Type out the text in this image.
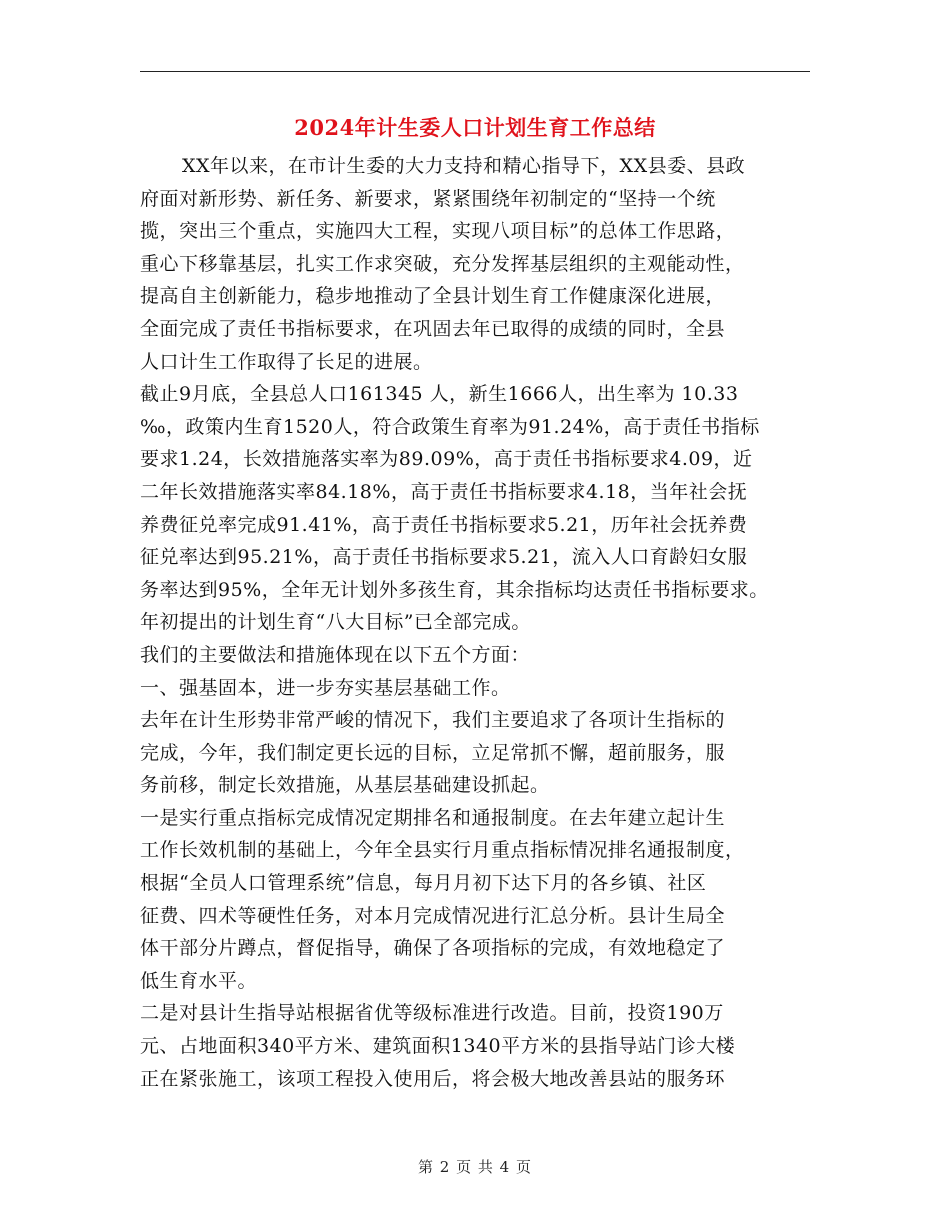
2024年计生委人口计划生育工作总结
XX年以来，在市计生委的大力支持和精心指导下，XX县委、县政
府面对新形势、新任务、新要求，紧紧围绕年初制定的“坚持一个统
揽，突出三个重点，实施四大工程，实现八项目标”的总体工作思路，
重心下移靠基层，扎实工作求突破，充分发挥基层组织的主观能动性，
提高自主创新能力，稳步地推动了全县计划生育工作健康深化进展，
全面完成了责任书指标要求，在巩固去年已取得的成绩的同时，全县
人口计生工作取得了长足的进展。
截止9月底，全县总人口161345 人，新生1666人，出生率为 10.33
‰，政策内生育1520人，符合政策生育率为91.24%，高于责任书指标
要求1.24，长效措施落实率为89.09%，高于责任书指标要求4.09，近
二年长效措施落实率84.18%，高于责任书指标要求4.18，当年社会抚
养费征兑率完成91.41%，高于责任书指标要求5.21，历年社会抚养费
征兑率达到95.21%，高于责任书指标要求5.21，流入人口育龄妇女服
务率达到95%，全年无计划外多孩生育，其余指标均达责任书指标要求。
年初提出的计划生育“八大目标”已全部完成。
我们的主要做法和措施体现在以下五个方面：
一、强基固本，进一步夯实基层基础工作。
去年在计生形势非常严峻的情况下，我们主要追求了各项计生指标的
完成，今年，我们制定更长远的目标，立足常抓不懈，超前服务，服
务前移，制定长效措施，从基层基础建设抓起。
一是实行重点指标完成情况定期排名和通报制度。在去年建立起计生
工作长效机制的基础上，今年全县实行月重点指标情况排名通报制度，
根据“全员人口管理系统”信息，每月月初下达下月的各乡镇、社区
征费、四术等硬性任务，对本月完成情况进行汇总分析。县计生局全
体干部分片蹲点，督促指导，确保了各项指标的完成，有效地稳定了
低生育水平。
二是对县计生指导站根据省优等级标准进行改造。目前，投资190万
元、占地面积340平方米、建筑面积1340平方米的县指导站门诊大楼
正在紧张施工，该项工程投入使用后，将会极大地改善县站的服务环
第 2 页 共 4 页
